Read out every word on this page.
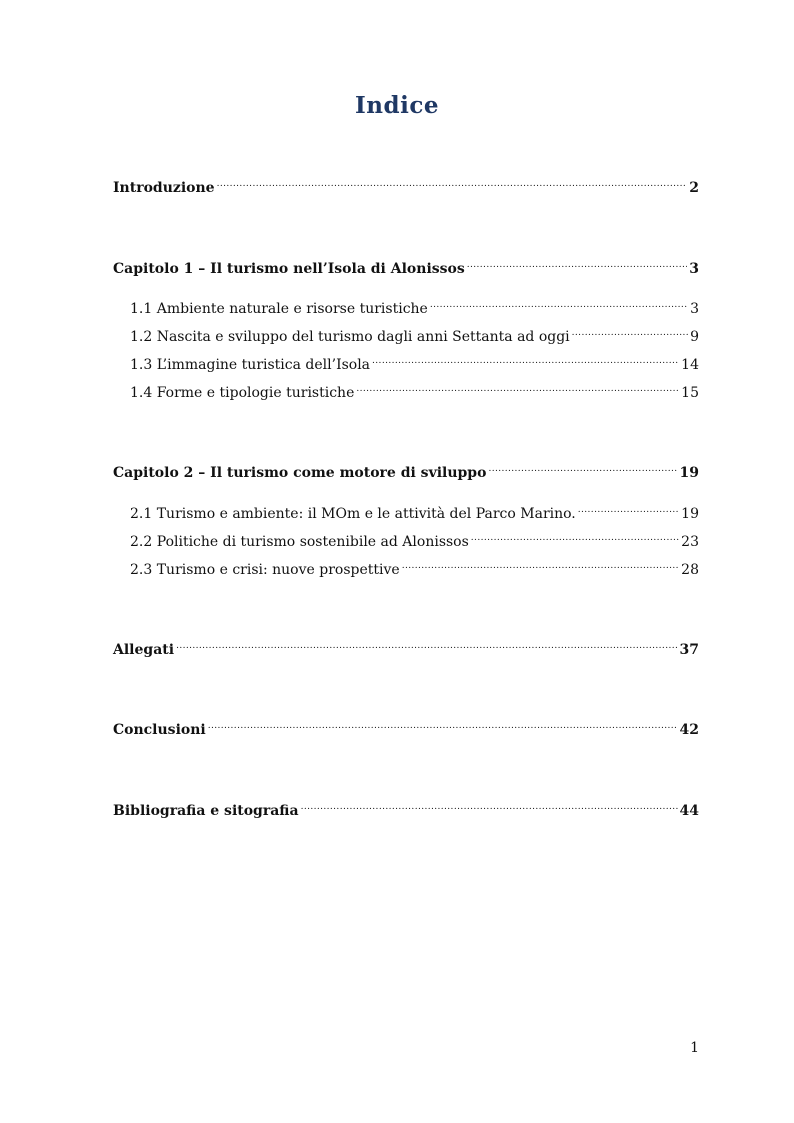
Indice
Introduzione .....	2
Capitolo 1 – Il turismo nell’Isola di Alonissos .....	3
1.1 Ambiente naturale e risorse turistiche .....	3
1.2 Nascita e sviluppo del turismo dagli anni Settanta ad oggi .....	9
1.3 L’immagine turistica dell’Isola .....	14
1.4 Forme e tipologie turistiche .....	15
Capitolo 2 – Il turismo come motore di sviluppo .....	19
2.1 Turismo e ambiente: il MOm e le attività del Parco Marino. .....	19
2.2 Politiche di turismo sostenibile ad Alonissos .....	23
2.3 Turismo e crisi: nuove prospettive .....	28
Allegati .....	37
Conclusioni .....	42
Bibliografia e sitografia .....	44
1
